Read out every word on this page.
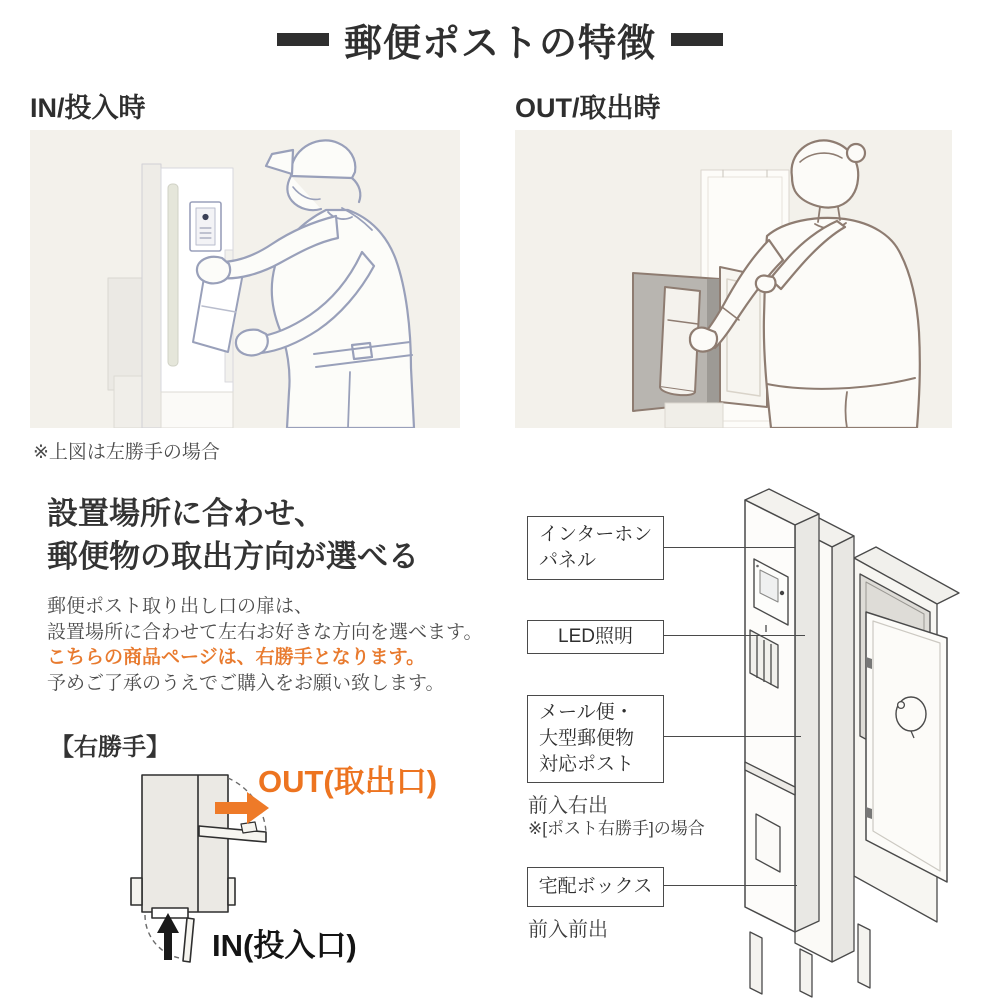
郵便ポストの特徴
IN/投入時	OUT/取出時
※上図は左勝手の場合
設置場所に合わせ、
郵便物の取出方向が選べる
郵便ポスト取り出し口の扉は、
設置場所に合わせて左右お好きな方向を選べます。
こちらの商品ページは、右勝手となります。
予めご了承のうえでご購入をお願い致します。
【右勝手】
OUT(取出口)
IN(投入口)
インターホン
パネル
LED照明
メール便・
大型郵便物
対応ポスト
宅配ボックス
前入右出
※[ポスト右勝手]の場合
前入前出
